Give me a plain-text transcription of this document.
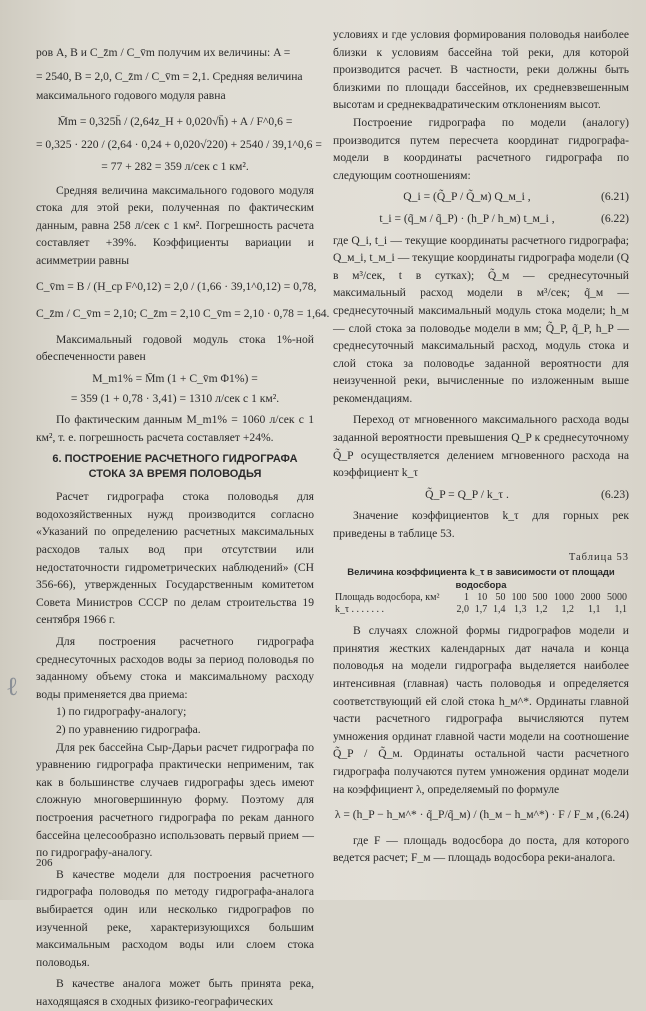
ров A, B и C_z̄m / C_v̄m получим их величины: A =

= 2540, B = 2,0, C_z̄m / C_v̄m = 2,1. Средняя величина

максимального годового модуля равна

M̄m = 0,325h̄ / (2,64z_H + 0,020√h̄) + A / F^0,6 =
= 0,325 · 220 / (2,64 · 0,24 + 0,020√220) + 2540 / 39,1^0,6 =
= 77 + 282 = 359 л/сек с 1 км².

Средняя величина максимального годового модуля стока для этой реки, полученная по фактическим данным, равна 258 л/сек с 1 км². Погрешность расчета составляет +39%. Коэффициенты вариации и асимметрии равны

C_v̄m = B / (H_ср F^0,12) = 2,0 / (1,66 · 39,1^0,12) = 0,78,
C_z̄m / C_v̄m = 2,10; C_z̄m = 2,10 C_v̄m = 2,10 · 0,78 = 1,64.

Максимальный годовой модуль стока 1%-ной обеспеченности равен

M_m1% = M̄m (1 + C_v̄m Φ1%) =
= 359 (1 + 0,78 · 3,41) = 1310 л/сек с 1 км².

По фактическим данным M_m1% = 1060 л/сек с 1 км², т. е. погрешность расчета составляет +24%.

6. ПОСТРОЕНИЕ РАСЧЕТНОГО ГИДРОГРАФА СТОКА ЗА ВРЕМЯ ПОЛОВОДЬЯ

Расчет гидрографа стока половодья для водохозяйственных нужд производится согласно «Указаний по определению расчетных максимальных расходов талых вод при отсутствии или недостаточности гидрометрических наблюдений» (СН 356-66), утвержденных Государственным комитетом Совета Министров СССР по делам строительства 19 сентября 1966 г.

Для построения расчетного гидрографа среднесуточных расходов воды за период половодья по заданному объему стока и максимальному расходу воды применяется два приема:

1) по гидрографу-аналогу;

2) по уравнению гидрографа.

Для рек бассейна Сыр-Дарьи расчет гидрографа по уравнению гидрографа практически неприменим, так как в большинстве случаев гидрографы здесь имеют сложную многовершинную форму. Поэтому для построения расчетного гидрографа по рекам данного бассейна целесообразно использовать первый прием — по гидрографу-аналогу.

В качестве модели для построения расчетного гидрографа половодья по методу гидрографа-аналога выбирается один или несколько гидрографов по изученной реке, характеризующихся большим максимальным расходом воды или слоем стока половодья.

В качестве аналога может быть принята река, находящаяся в сходных физико-географических

условиях и где условия формирования половодья наиболее близки к условиям бассейна той реки, для которой производится расчет. В частности, реки должны быть близкими по площади бассейнов, их средневзвешенным высотам и среднеквадратическим отклонениям высот.

Построение гидрографа по модели (аналогу) производится путем пересчета координат гидрографа-модели в координаты расчетного гидрографа по следующим соотношениям:

Q_i = (Q̃_P / Q̃_м) Q_м_i ,	(6.21)
t_i = (q̃_м / q̃_P) · (h_P / h_м) t_м_i ,	(6.22)

где Q_i, t_i — текущие координаты расчетного гидрографа; Q_м_i, t_м_i — текущие координаты гидрографа модели (Q в м³/сек, t в сутках); Q̃_м — среднесуточный максимальный расход модели в м³/сек; q̃_м — среднесуточный максимальный модуль стока модели; h_м — слой стока за половодье модели в мм; Q̃_P, q̃_P, h_P — среднесуточный максимальный расход, модуль стока и слой стока за половодье заданной вероятности для неизученной реки, вычисленные по изложенным выше рекомендациям.

Переход от мгновенного максимального расхода воды заданной вероятности превышения Q_P к среднесуточному Q̃_P осуществляется делением мгновенного расхода на коэффициент k_τ

Q̃_P = Q_P / k_τ .	(6.23)

Значение коэффициентов k_τ для горных рек приведены в таблице 53.

Таблица 53
Величина коэффициента k_τ в зависимости от площади водосбора
Площадь водосбора, км²	1	10	50	100	500	1000	2000	5000
k_τ . . . . . . .	2,0	1,7	1,4	1,3	1,2	1,2	1,1	1,1

В случаях сложной формы гидрографов модели и принятия жестких календарных дат начала и конца половодья на модели гидрографа выделяется наиболее интенсивная (главная) часть половодья и определяется соответствующий ей слой стока h_м^*. Ординаты главной части расчетного гидрографа вычисляются путем умножения ординат главной части модели на соотношение Q̃_P / Q̃_м. Ординаты остальной части расчетного гидрографа получаются путем умножения ординат модели на коэффициент λ, определяемый по формуле

λ = (h_P − h_м^* · q̃_P/q̃_м) / (h_м − h_м^*) · F / F_м , (6.24)

где F — площадь водосбора до поста, для которого ведется расчет; F_м — площадь водосбора реки-аналога.

206
ℓ
